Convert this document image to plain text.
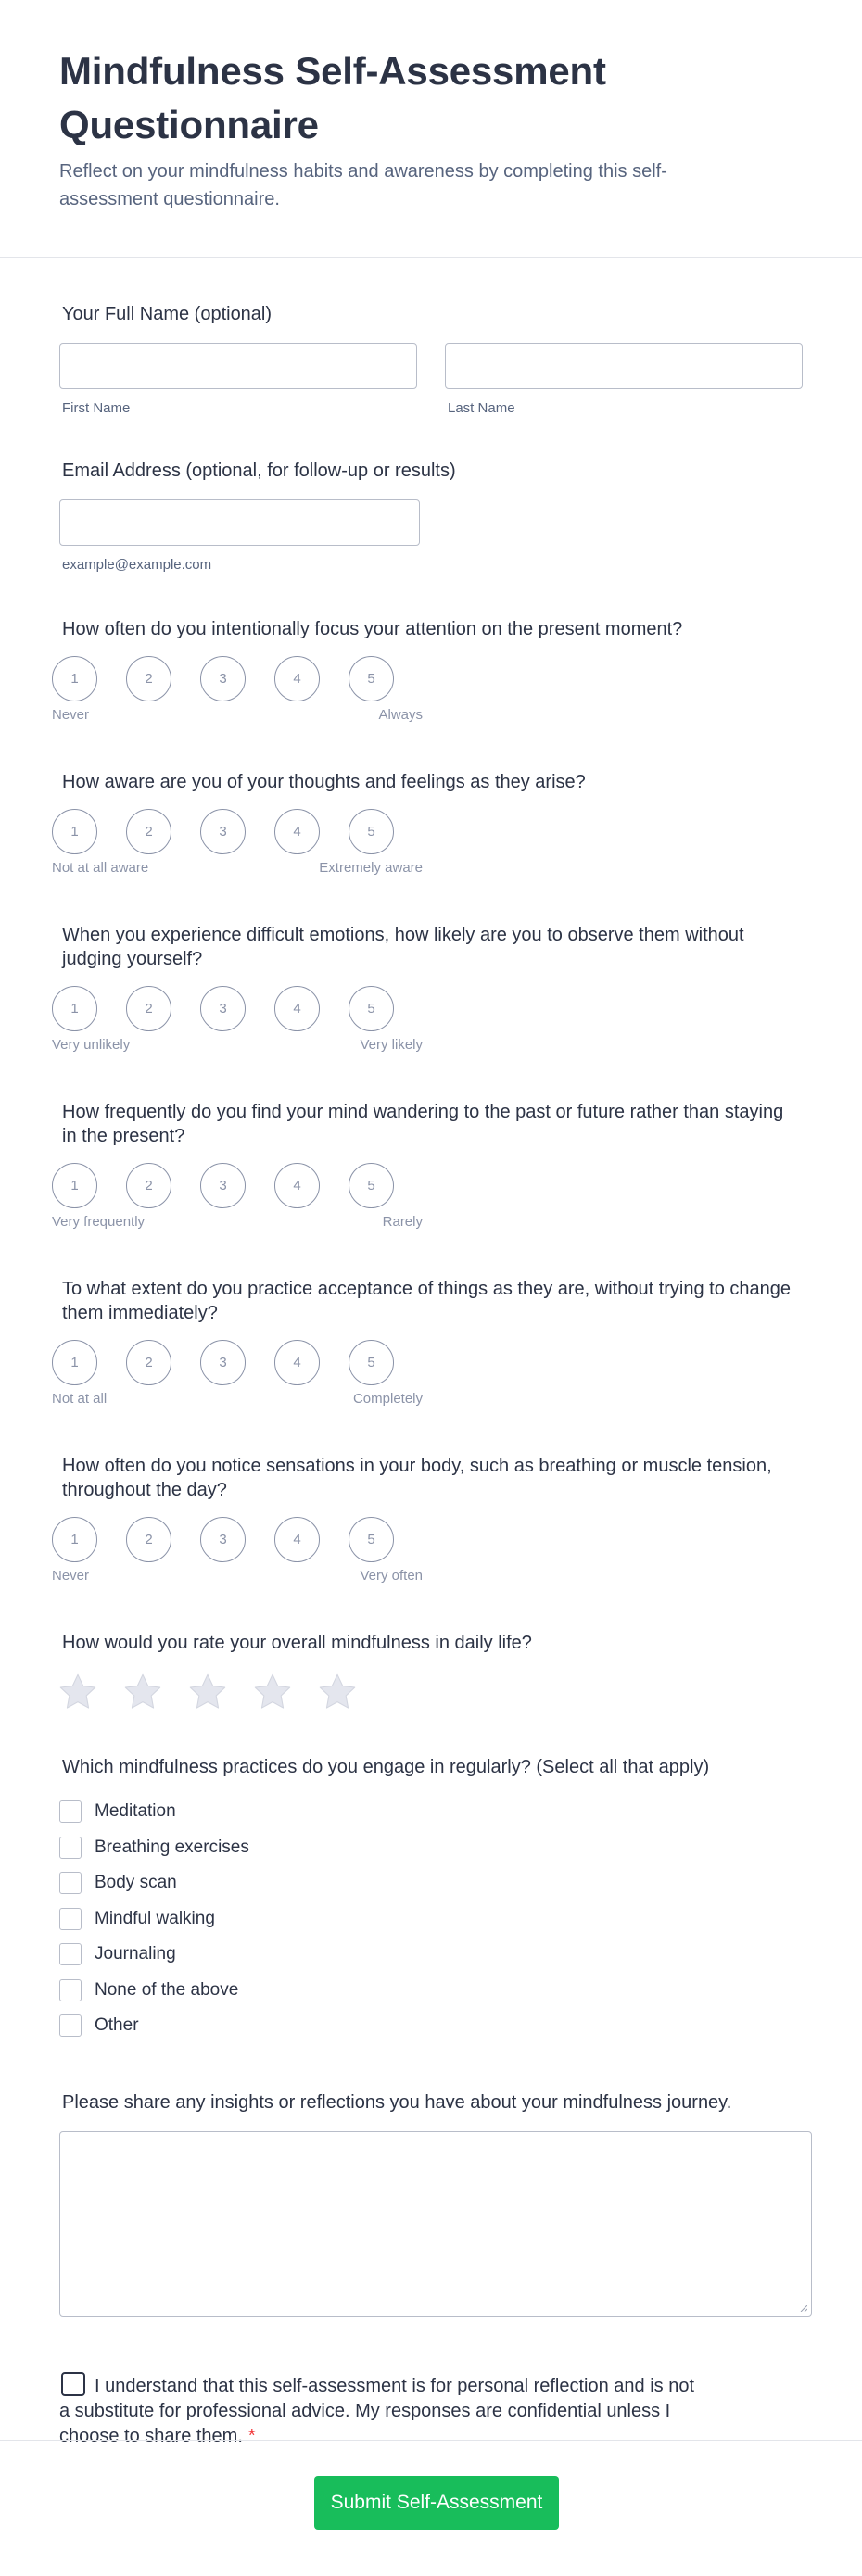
Mindfulness Self-Assessment Questionnaire
Reflect on your mindfulness habits and awareness by completing this self-assessment questionnaire.
Your Full Name (optional)
First Name	Last Name
Email Address (optional, for follow-up or results)
example@example.com
How often do you intentionally focus your attention on the present moment?
1	2	3	4	5
Never	Always
How aware are you of your thoughts and feelings as they arise?
1	2	3	4	5
Not at all aware	Extremely aware
When you experience difficult emotions, how likely are you to observe them without judging yourself?
1	2	3	4	5
Very unlikely	Very likely
How frequently do you find your mind wandering to the past or future rather than staying in the present?
1	2	3	4	5
Very frequently	Rarely
To what extent do you practice acceptance of things as they are, without trying to change them immediately?
1	2	3	4	5
Not at all	Completely
How often do you notice sensations in your body, such as breathing or muscle tension, throughout the day?
1	2	3	4	5
Never	Very often
How would you rate your overall mindfulness in daily life?
Which mindfulness practices do you engage in regularly? (Select all that apply)
Meditation
Breathing exercises
Body scan
Mindful walking
Journaling
None of the above
Other
Please share any insights or reflections you have about your mindfulness journey.
I understand that this self-assessment is for personal reflection and is not a substitute for professional advice. My responses are confidential unless I choose to share them. *
Submit Self-Assessment
